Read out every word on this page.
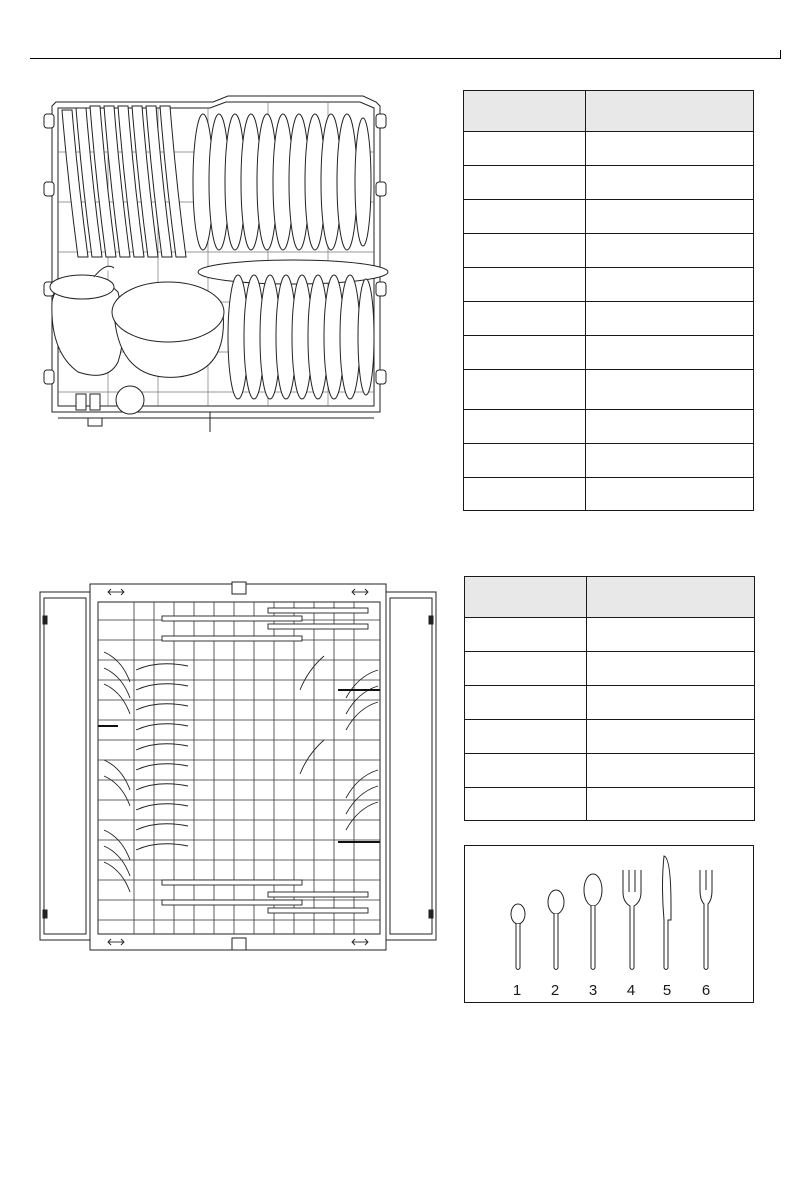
1	2	3	4	5	6
